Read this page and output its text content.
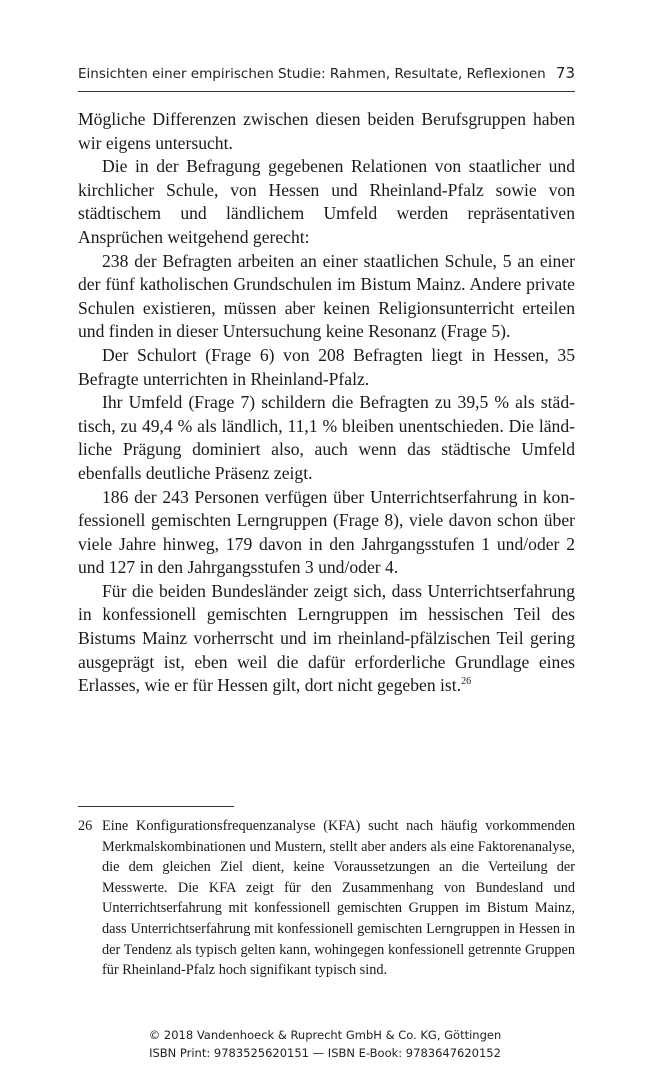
Einsichten einer empirischen Studie: Rahmen, Resultate, Reflexionen 73

Mögliche Differenzen zwischen diesen beiden Berufsgruppen haben wir eigens untersucht.

Die in der Befragung gegebenen Relationen von staatlicher und kirchlicher Schule, von Hessen und Rheinland-Pfalz sowie von städtischem und ländlichem Umfeld werden repräsentativen Ansprüchen weitgehend gerecht:

238 der Befragten arbeiten an einer staatlichen Schule, 5 an einer der fünf katholischen Grundschulen im Bistum Mainz. Andere private Schulen existieren, müssen aber keinen Religionsunterricht erteilen und finden in dieser Untersuchung keine Resonanz (Frage 5).

Der Schulort (Frage 6) von 208 Befragten liegt in Hessen, 35 Befragte unterrichten in Rheinland-Pfalz.

Ihr Umfeld (Frage 7) schildern die Befragten zu 39,5 % als städtisch, zu 49,4 % als ländlich, 11,1 % bleiben unentschieden. Die ländliche Prägung dominiert also, auch wenn das städtische Umfeld ebenfalls deutliche Präsenz zeigt.

186 der 243 Personen verfügen über Unterrichtserfahrung in konfessionell gemischten Lerngruppen (Frage 8), viele davon schon über viele Jahre hinweg, 179 davon in den Jahrgangsstufen 1 und/oder 2 und 127 in den Jahrgangsstufen 3 und/oder 4.

Für die beiden Bundesländer zeigt sich, dass Unterrichtserfahrung in konfessionell gemischten Lerngruppen im hessischen Teil des Bistums Mainz vorherrscht und im rheinland-pfälzischen Teil gering ausgeprägt ist, eben weil die dafür erforderliche Grundlage eines Erlasses, wie er für Hessen gilt, dort nicht gegeben ist.$^{26}$

26 Eine Konfigurationsfrequenzanalyse (KFA) sucht nach häufig vorkommenden Merkmalskombinationen und Mustern, stellt aber anders als eine Faktorenanalyse, die dem gleichen Ziel dient, keine Voraussetzungen an die Verteilung der Messwerte. Die KFA zeigt für den Zusammenhang von Bundesland und Unterrichtserfahrung mit konfessionell gemischten Gruppen im Bistum Mainz, dass Unterrichtserfahrung mit konfessionell gemischten Lerngruppen in Hessen in der Tendenz als typisch gelten kann, wohingegen konfessionell getrennte Gruppen für Rheinland-Pfalz hoch signifikant typisch sind.
© 2018 Vandenhoeck & Ruprecht GmbH & Co. KG, Göttingen
ISBN Print: 9783525620151 — ISBN E-Book: 9783647620152
